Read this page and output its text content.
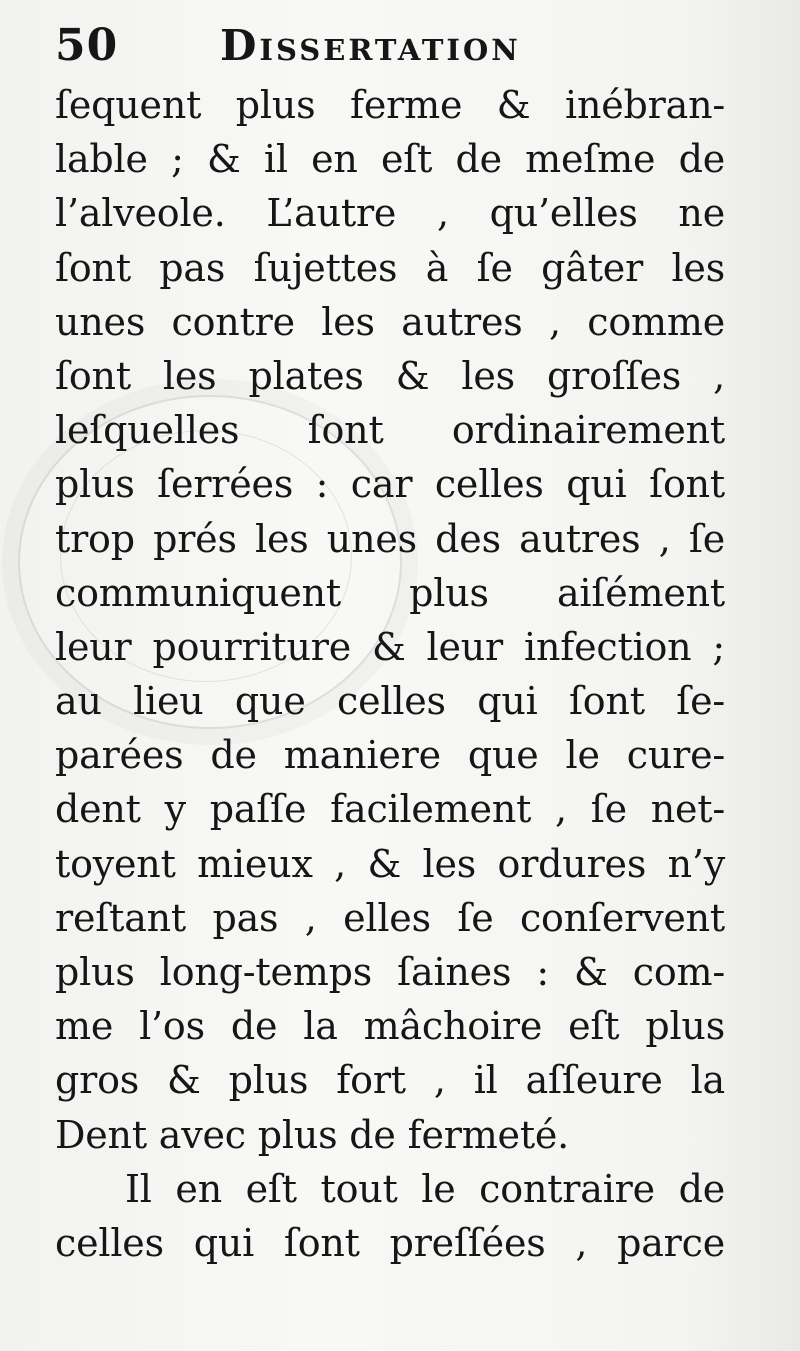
50 Dissertation
ſequent plus ferme & inébran-
lable ; & il en eſt de meſme de
l’alveole. L’autre , qu’elles ne
ſont pas ſujettes à ſe gâter les
unes contre les autres , comme
ſont les plates & les groſſes ,
leſquelles ſont ordinairement
plus ſerrées : car celles qui ſont
trop prés les unes des autres , ſe
communiquent plus aiſément
leur pourriture & leur infection ;
au lieu que celles qui ſont ſe-
parées de maniere que le cure-
dent y paſſe facilement , ſe net-
toyent mieux , & les ordures n’y
reſtant pas , elles ſe conſervent
plus long-temps ſaines : & com-
me l’os de la mâchoire eſt plus
gros & plus fort , il aſſeure la
Dent avec plus de fermeté.
Il en eſt tout le contraire de
celles qui ſont preſſées , parce
